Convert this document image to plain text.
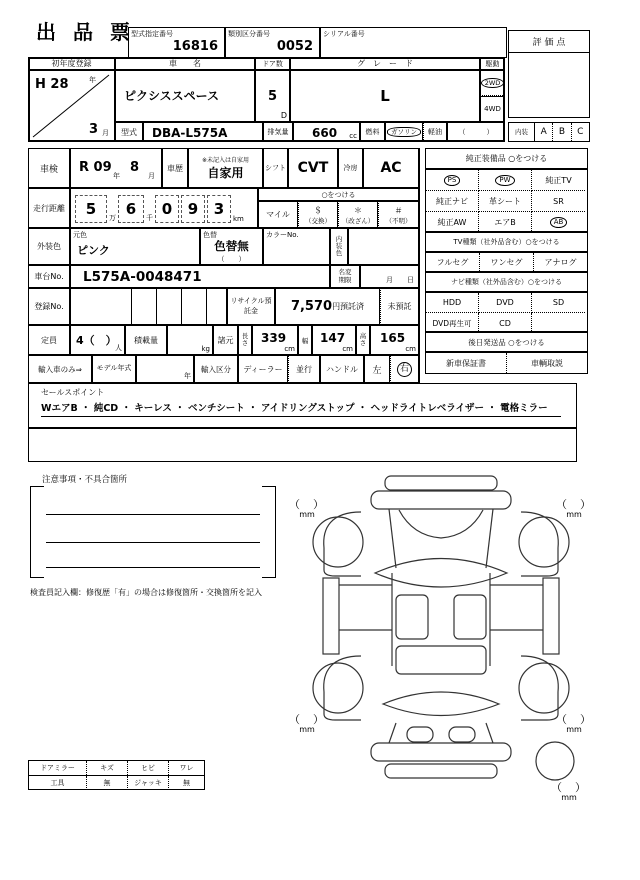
出 品 票
型式指定番号
16816
類別区分番号
0052
シリアル番号
評 価 点
内装	A	B	C
初年度登録
H 28	年
3 月
車　　名
ピクシススペース
ドア数
5
D
グ　レ　ー　ド
L
駆動
2WD
4WD
型式	DBA-L575A	排気量	660 cc	燃料	ガソリン	軽油	（　　　）
車検	R 09
年
8
月
車歴
※未記入は自家用
自家用	シフト CVT	冷房	AC
走行距離	5	万 6	千 0	9	3
km
○をつける
マイル	＄
（交換）
＊
（改ざん）
＃
（不明）
外装色
元色
ピンク
色替
色替無
（　　）
カラーNo.	内装色
車台No.	L575A-0048471	名変期限	月　　日
登録No.
リサイクル預託金	7,570 円預託済	未預託
定員	4（　）
人
積載量
kg
諸元	長さ	339
cm
幅 147
cm
高さ	165
cm
輸入車のみ⇒	モデル年式
年
輸入区分	ディーラー	並行	ハンドル	左	右
セールスポイント
WエアB ・ 純CD ・ キーレス ・ ベンチシート ・ アイドリングストップ ・ ヘッドライトレベライザー ・ 電格ミラー
純正装備品 ○をつける
PS	PW	純正TV
純正ナビ	革シート	SR
純正AW	エアB	AB
TV種類（社外品含む）○をつける
フルセグ	ワンセグ	アナログ
ナビ種類（社外品含む）○をつける
HDD	DVD	SD
DVD再生可	CD
後日発送品 ○をつける
新車保証書	車輌取説
注意事項・不具合箇所
検査員記入欄：修復歴「有」の場合は修復箇所・交換箇所を記入
（　）
mm
（　）
mm
（　）
mm
（　）
mm
（　）
mm
ドアミラー	キズ	ヒビ	ワレ
工具	無	ジャッキ	無
